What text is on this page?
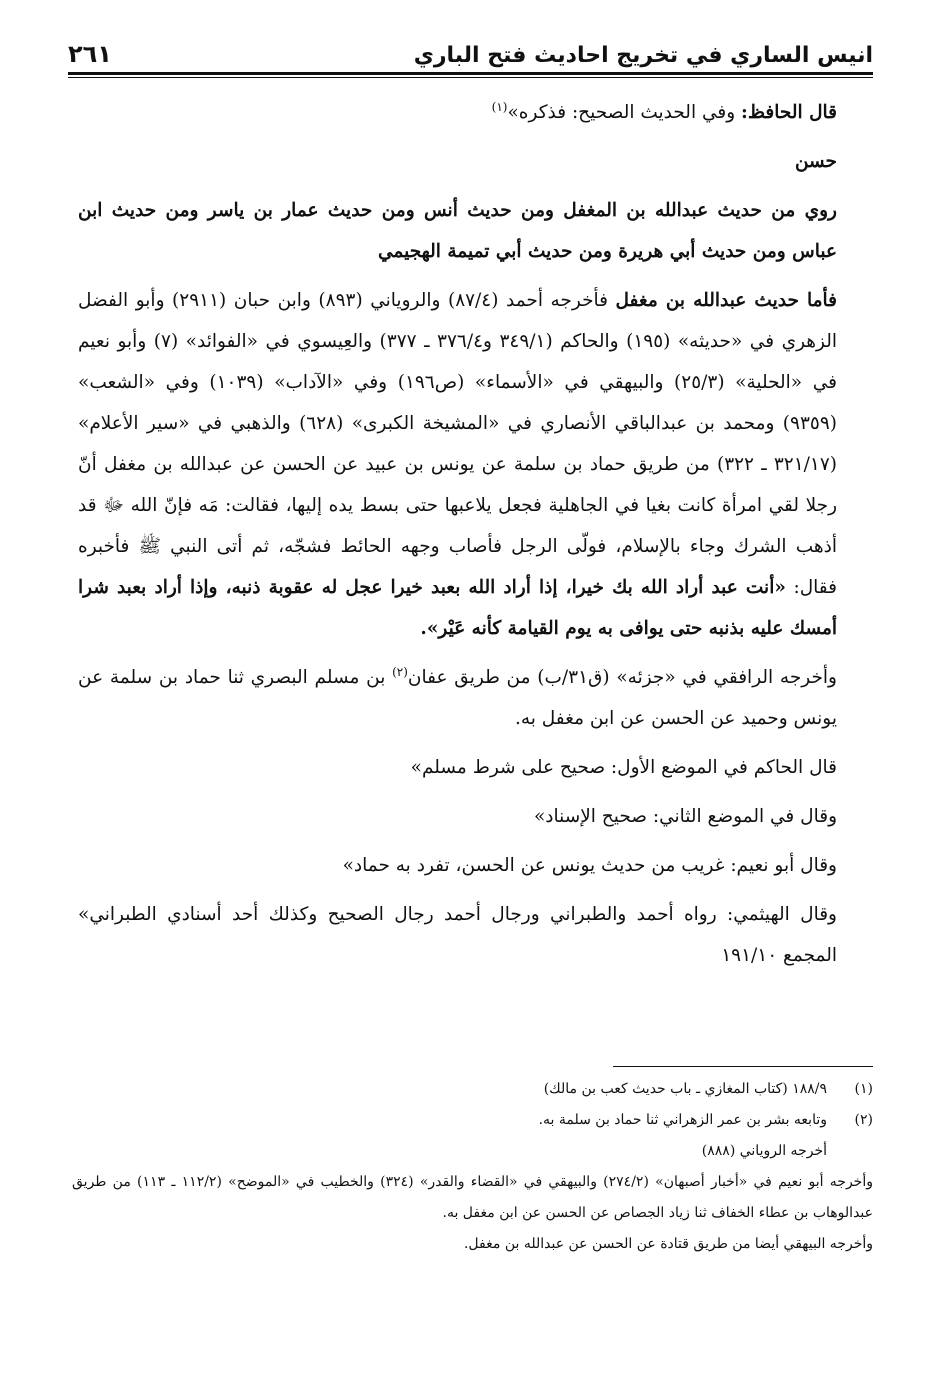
انيس الساري في تخريج احاديث فتح الباري
٢٦١

قال الحافظ: وفي الحديث الصحيح: فذكره»$^{(١)}$

حسن

روي من حديث عبدالله بن المغفل ومن حديث أنس ومن حديث عمار بن ياسر ومن حديث ابن عباس ومن حديث أبي هريرة ومن حديث أبي تميمة الهجيمي

فأما حديث عبدالله بن مغفل فأخرجه أحمد (٨٧/٤) والروياني (٨٩٣) وابن حبان (٢٩١١) وأبو الفضل الزهري في «حديثه» (١٩٥) والحاكم (٣٤٩/١ و٣٧٦/٤ ـ ٣٧٧) والعِيسوي في «الفوائد» (٧) وأبو نعيم في «الحلية» (٢٥/٣) والبيهقي في «الأسماء» (ص١٩٦) وفي «الآداب» (١٠٣٩) وفي «الشعب» (٩٣٥٩) ومحمد بن عبدالباقي الأنصاري في «المشيخة الكبرى» (٦٢٨) والذهبي في «سير الأعلام» (٣٢١/١٧ ـ ٣٢٢) من طريق حماد بن سلمة عن يونس بن عبيد عن الحسن عن عبدالله بن مغفل أنّ رجلا لقي امرأة كانت بغيا في الجاهلية فجعل يلاعبها حتى بسط يده إليها، فقالت: مَه فإنّ الله ﷻ قد أذهب الشرك وجاء بالإسلام، فولّى الرجل فأصاب وجهه الحائط فشجّه، ثم أتى النبي ﷺ فأخبره فقال: «أنت عبد أراد الله بك خيرا، إذا أراد الله بعبد خيرا عجل له عقوبة ذنبه، وإذا أراد بعبد شرا أمسك عليه بذنبه حتى يوافى به يوم القيامة كأنه عَيْر».

وأخرجه الرافقي في «جزئه» (ق٣١/ب) من طريق عفان$^{(٢)}$ بن مسلم البصري ثنا حماد بن سلمة عن يونس وحميد عن الحسن عن ابن مغفل به.

قال الحاكم في الموضع الأول: صحيح على شرط مسلم»

وقال في الموضع الثاني: صحيح الإسناد»

وقال أبو نعيم: غريب من حديث يونس عن الحسن، تفرد به حماد»

وقال الهيثمي: رواه أحمد والطبراني ورجال أحمد رجال الصحيح وكذلك أحد أسنادي الطبراني» المجمع ١٩١/١٠

(١)
١٨٨/٩ (كتاب المغازي ـ باب حديث كعب بن مالك)
(٢)
وتابعه بشر بن عمر الزهراني ثنا حماد بن سلمة به.
أخرجه الروياني (٨٨٨)
وأخرجه أبو نعيم في «أخبار أصبهان» (٢٧٤/٢) والبيهقي في «القضاء والقدر» (٣٢٤) والخطيب في «الموضح» (١١٢/٢ ـ ١١٣) من طريق عبدالوهاب بن عطاء الخفاف ثنا زياد الجصاص عن الحسن عن ابن مغفل به.
وأخرجه البيهقي أيضا من طريق قتادة عن الحسن عن عبدالله بن مغفل.
